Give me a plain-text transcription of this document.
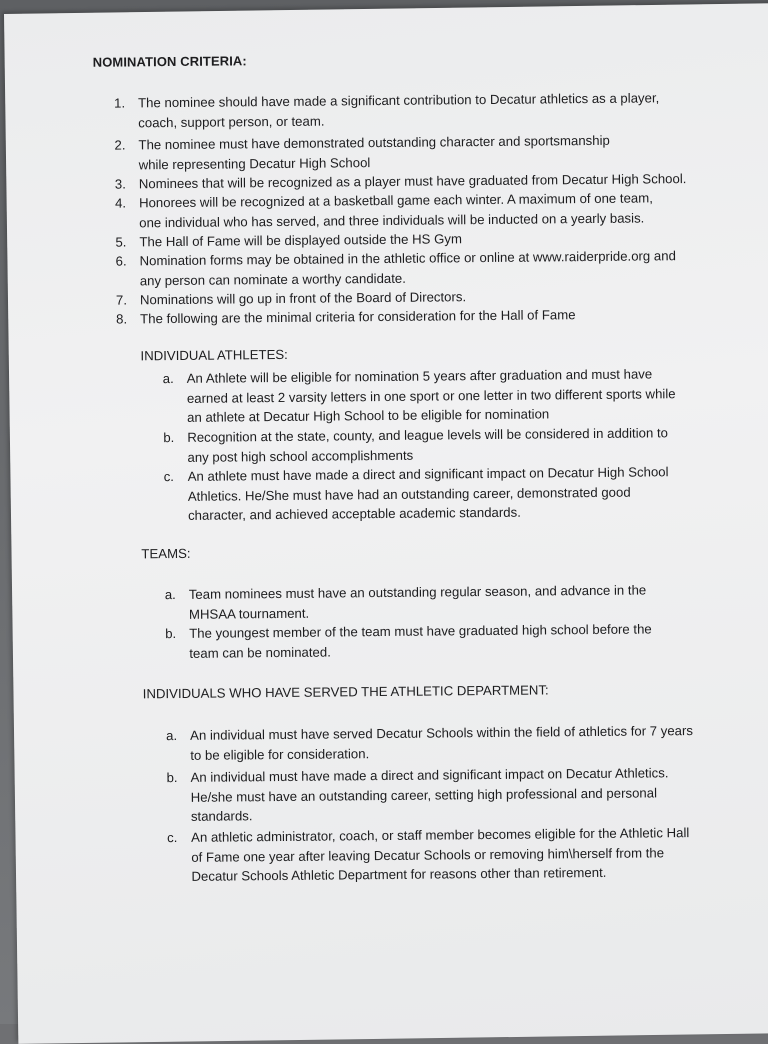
NOMINATION CRITERIA:
1. The nominee should have made a significant contribution to Decatur athletics as a player, coach, support person, or team.
2. The nominee must have demonstrated outstanding character and sportsmanship while representing Decatur High School
3. Nominees that will be recognized as a player must have graduated from Decatur High School.
4. Honorees will be recognized at a basketball game each winter. A maximum of one team, one individual who has served, and three individuals will be inducted on a yearly basis.
5. The Hall of Fame will be displayed outside the HS Gym
6. Nomination forms may be obtained in the athletic office or online at www.raiderpride.org and any person can nominate a worthy candidate.
7. Nominations will go up in front of the Board of Directors.
8. The following are the minimal criteria for consideration for the Hall of Fame
INDIVIDUAL ATHLETES:
a. An Athlete will be eligible for nomination 5 years after graduation and must have earned at least 2 varsity letters in one sport or one letter in two different sports while an athlete at Decatur High School to be eligible for nomination
b. Recognition at the state, county, and league levels will be considered in addition to any post high school accomplishments
c.	An athlete must have made a direct and significant impact on Decatur High School Athletics. He/She must have had an outstanding career, demonstrated good character, and achieved acceptable academic standards.
TEAMS:
a. Team nominees must have an outstanding regular season, and advance in the MHSAA tournament.
b. The youngest member of the team must have graduated high school before the team can be nominated.
INDIVIDUALS WHO HAVE SERVED THE ATHLETIC DEPARTMENT:
a. An individual must have served Decatur Schools within the field of athletics for 7 years to be eligible for consideration.
b. An individual must have made a direct and significant impact on Decatur Athletics. He/she must have an outstanding career, setting high professional and personal standards.
c.	An athletic administrator, coach, or staff member becomes eligible for the Athletic Hall of Fame one year after leaving Decatur Schools or removing him\herself from the Decatur Schools Athletic Department for reasons other than retirement.
